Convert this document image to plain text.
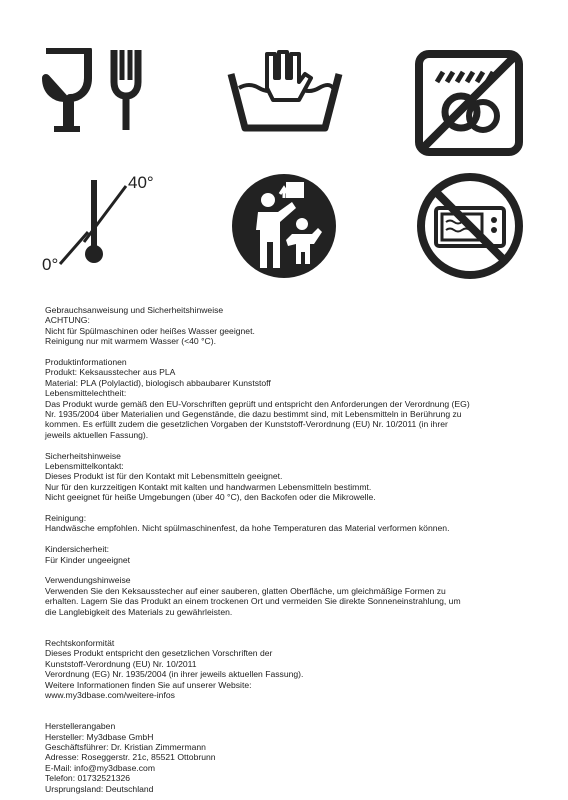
40°
0°

Gebrauchsanweisung und Sicherheitshinweise

ACHTUNG:

Nicht für Spülmaschinen oder heißes Wasser geeignet.

Reinigung nur mit warmem Wasser (<40 °C).

Produktinformationen

Produkt: Keksausstecher aus PLA

Material: PLA (Polylactid), biologisch abbaubarer Kunststoff

Lebensmittelechtheit:

Das Produkt wurde gemäß den EU-Vorschriften geprüft und entspricht den Anforderungen der Verordnung (EG)

Nr. 1935/2004 über Materialien und Gegenstände, die dazu bestimmt sind, mit Lebensmitteln in Berührung zu

kommen. Es erfüllt zudem die gesetzlichen Vorgaben der Kunststoff-Verordnung (EU) Nr. 10/2011 (in ihrer

jeweils aktuellen Fassung).

Sicherheitshinweise

Lebensmittelkontakt:

Dieses Produkt ist für den Kontakt mit Lebensmitteln geeignet.

Nur für den kurzzeitigen Kontakt mit kalten und handwarmen Lebensmitteln bestimmt.

Nicht geeignet für heiße Umgebungen (über 40 °C), den Backofen oder die Mikrowelle.

Reinigung:

Handwäsche empfohlen. Nicht spülmaschinenfest, da hohe Temperaturen das Material verformen können.

Kindersicherheit:

Für Kinder ungeeignet

Verwendungshinweise

Verwenden Sie den Keksausstecher auf einer sauberen, glatten Oberfläche, um gleichmäßige Formen zu

erhalten. Lagern Sie das Produkt an einem trockenen Ort und vermeiden Sie direkte Sonneneinstrahlung, um

die Langlebigkeit des Materials zu gewährleisten.

Rechtskonformität

Dieses Produkt entspricht den gesetzlichen Vorschriften der

Kunststoff-Verordnung (EU) Nr. 10/2011

Verordnung (EG) Nr. 1935/2004 (in ihrer jeweils aktuellen Fassung).

Weitere Informationen finden Sie auf unserer Website:

www.my3dbase.com/weitere-infos

Herstellerangaben

Hersteller: My3dbase GmbH

Geschäftsführer: Dr. Kristian Zimmermann

Adresse: Roseggerstr. 21c, 85521 Ottobrunn

E-Mail: info@my3dbase.com

Telefon: 01732521326

Ursprungsland: Deutschland
